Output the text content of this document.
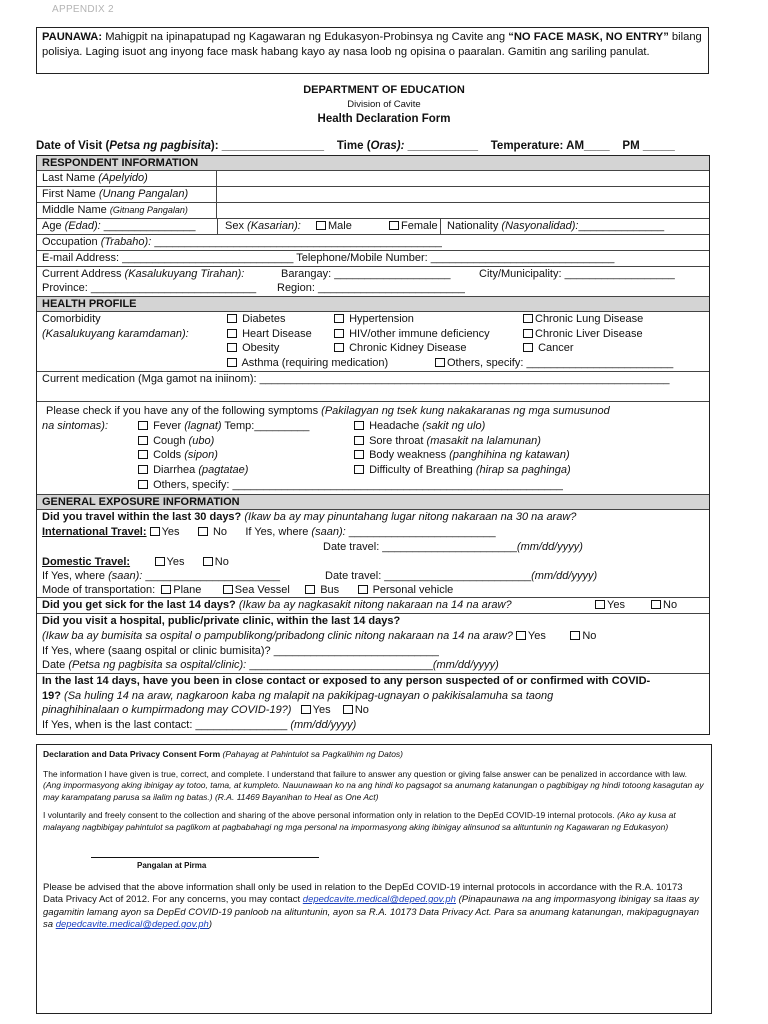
APPENDIX 2
PAUNAWA: Mahigpit na ipinapatupad ng Kagawaran ng Edukasyon-Probinsya ng Cavite ang “NO FACE MASK, NO ENTRY” bilang polisiya. Laging isuot ang inyong face mask habang kayo ay nasa loob ng opisina o paaralan. Gamitin ang sariling panulat.
DEPARTMENT OF EDUCATION
Division of Cavite
Health Declaration Form
Date of Visit (Petsa ng pagbisita): ________________ Time (Oras): ___________ Temperature: AM____ PM _____
RESPONDENT INFORMATION
Last Name (Apelyido)
First Name (Unang Pangalan)
Middle Name (Gitnang Pangalan)
Age (Edad): _______________	Sex (Kasarian):	Male	Female Nationality (Nasyonalidad):______________
Occupation (Trabaho): _______________________________________________
E-mail Address: ____________________________ Telephone/Mobile Number: ______________________________
Current Address (Kasalukuyang Tirahan):	Barangay: ___________________	City/Municipality: __________________
Province: ___________________________ Region: ________________________
HEALTH PROFILE
Comorbidity
(Kasalukuyang karamdaman):
Diabetes	Hypertension	Chronic Lung Disease
Heart Disease	HIV/other immune deficiency	Chronic Liver Disease
Obesity	Chronic Kidney Disease	Cancer
Asthma (requiring medication)	Others, specify: ________________________
Current medication (Mga gamot na iniinom): ___________________________________________________________________
Please check if you have any of the following symptoms (Pakilagyan ng tsek kung nakakaranas ng mga sumusunod
na sintomas):	Fever (lagnat) Temp:_________	Headache (sakit ng ulo)
Cough (ubo)	Sore throat (masakit na lalamunan)
Colds (sipon)	Body weakness (panghihina ng katawan)
Diarrhea (pagtatae)	Difficulty of Breathing (hirap sa paghinga)
Others, specify: ______________________________________________________
GENERAL EXPOSURE INFORMATION
Did you travel within the last 30 days? (Ikaw ba ay may pinuntahang lugar nitong nakaraan na 30 na araw?
International Travel: Yes	No If Yes, where (saan): ________________________
Date travel: ______________________(mm/dd/yyyy)
Domestic Travel:	Yes	No
If Yes, where (saan): ______________________	Date travel: ________________________(mm/dd/yyyy)
Mode of transportation: Plane	Sea Vessel	Bus	Personal vehicle
Did you get sick for the last 14 days? (Ikaw ba ay nagkasakit nitong nakaraan na 14 na araw?	Yes	No
Did you visit a hospital, public/private clinic, within the last 14 days?
(Ikaw ba ay bumisita sa ospital o pampublikong/pribadong clinic nitong nakaraan na 14 na araw? Yes	No
If Yes, where (saang ospital or clinic bumisita)? ___________________________
Date (Petsa ng pagbisita sa ospital/clinic): ______________________________(mm/dd/yyyy)
In the last 14 days, have you been in close contact or exposed to any person suspected of or confirmed with COVID-
19? (Sa huling 14 na araw, nagkaroon kaba ng malapit na pakikipag-ugnayan o pakikisalamuha sa taong
pinaghihinalaan o kumpirmadong may COVID-19?) Yes No
If Yes, when is the last contact: _______________ (mm/dd/yyyy)
Declaration and Data Privacy Consent Form (Pahayag at Pahintulot sa Pagkalihim ng Datos)

The information I have given is true, correct, and complete. I understand that failure to answer any question or giving false answer can be penalized in accordance with law. (Ang impormasyong aking ibinigay ay totoo, tama, at kumpleto. Nauunawaan ko na ang hindi ko pagsagot sa anumang katanungan o pagbibigay ng hindi totoong kasagutan ay may karampatang parusa sa ilalim ng batas.) (R.A. 11469 Bayanihan to Heal as One Act)

I voluntarily and freely consent to the collection and sharing of the above personal information only in relation to the DepEd COVID-19 internal protocols. (Ako ay kusa at malayang nagbibigay pahintulot sa paglikom at pagbabahagi ng mga personal na impormasyong aking ibinigay alinsunod sa alituntunin ng Kagawaran ng Edukasyon)

Pangalan at Pirma
Please be advised that the above information shall only be used in relation to the DepEd COVID-19 internal protocols in accordance with the R.A. 10173 Data Privacy Act of 2012. For any concerns, you may contact depedcavite.medical@deped.gov.ph (Pinapaunawa na ang impormasyong ibinigay sa itaas ay gagamitin lamang ayon sa DepEd COVID-19 panloob na alituntunin, ayon sa R.A. 10173 Data Privacy Act. Para sa anumang katanungan, makipagugnayan sa depedcavite.medical@deped.gov.ph)
